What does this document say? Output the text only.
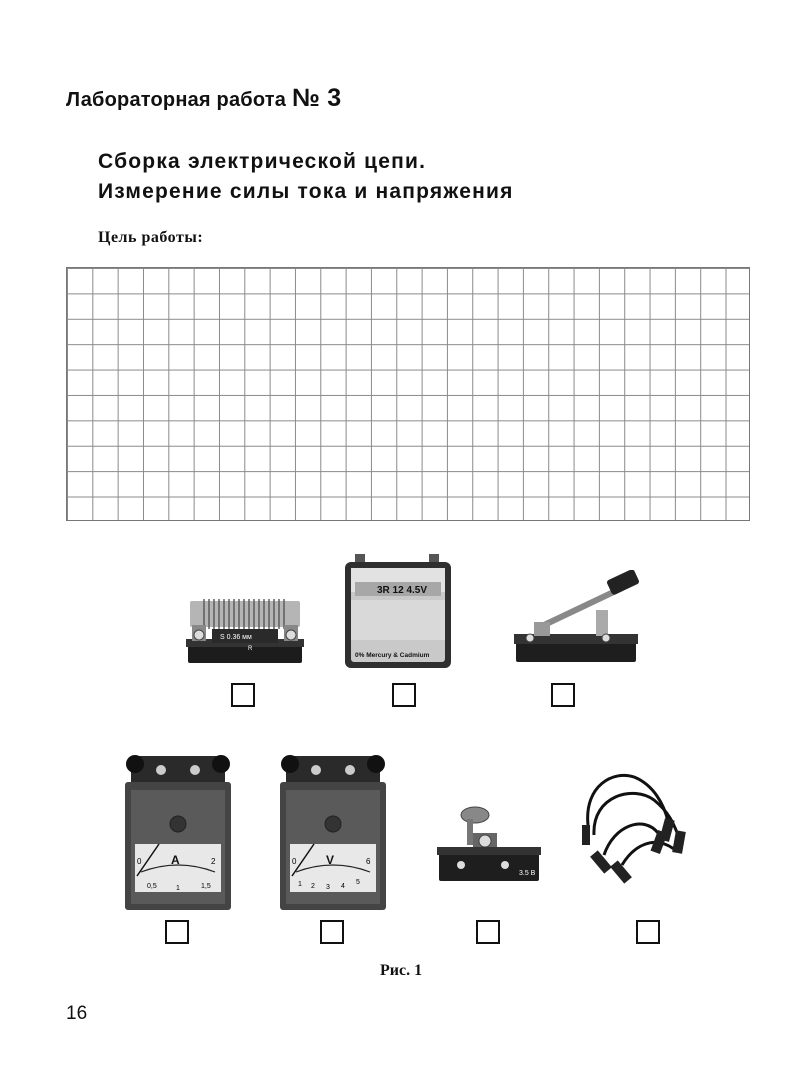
Лабораторная работа № 3
Сборка электрической цепи.
Измерение силы тока и напряжения
Цель работы:
S 0.36 мм
R
3R 12 4.5V
0% Mercury & Cadmium
A
0
0,5	1	1,5
2	V
0
1 2 3 4
5
6
3.5 В
Рис. 1
16
